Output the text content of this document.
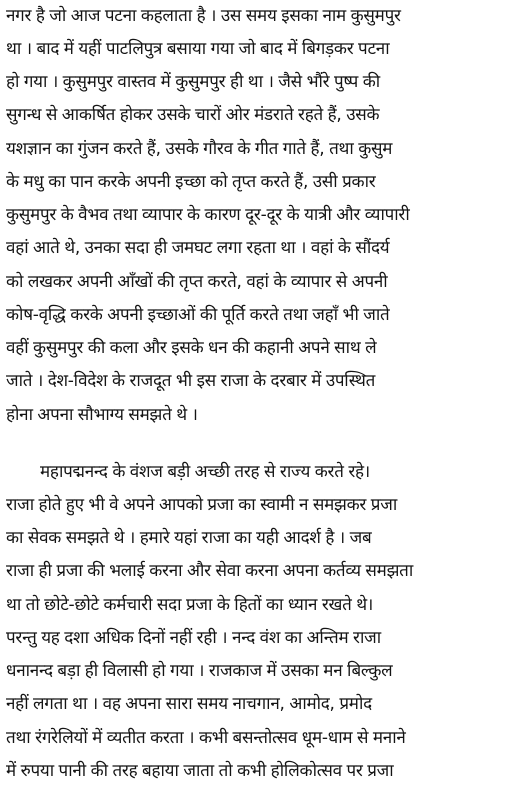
नगर है जो आज पटना कहलाता है । उस समय इसका नाम कुसुमपुर
था । बाद में यहीं पाटलिपुत्र बसाया गया जो बाद में बिगड़कर पटना
हो गया । कुसुमपुर वास्तव में कुसुमपुर ही था । जैसे भौंरे पुष्प की
सुगन्ध से आकर्षित होकर उसके चारों ओर मंडराते रहते हैं, उसके
यशज्ञान का गुंजन करते हैं, उसके गौरव के गीत गाते हैं, तथा कुसुम
के मधु का पान करके अपनी इच्छा को तृप्त करते हैं, उसी प्रकार
कुसुमपुर के वैभव तथा व्यापार के कारण दूर-दूर के यात्री और व्यापारी
वहां आते थे, उनका सदा ही जमघट लगा रहता था । वहां के सौंदर्य
को लखकर अपनी आँखों की तृप्त करते, वहां के व्यापार से अपनी
कोष-वृद्धि करके अपनी इच्छाओं की पूर्ति करते तथा जहाँ भी जाते
वहीं कुसुमपुर की कला और इसके धन की कहानी अपने साथ ले
जाते । देश-विदेश के राजदूत भी इस राजा के दरबार में उपस्थित
होना अपना सौभाग्य समझते थे ।
महापद्मनन्द के वंशज बड़ी अच्छी तरह से राज्य करते रहे।
राजा होते हुए भी वे अपने आपको प्रजा का स्वामी न समझकर प्रजा
का सेवक समझते थे । हमारे यहां राजा का यही आदर्श है । जब
राजा ही प्रजा की भलाई करना और सेवा करना अपना कर्तव्य समझता
था तो छोटे-छोटे कर्मचारी सदा प्रजा के हितों का ध्यान रखते थे।
परन्तु यह दशा अधिक दिनों नहीं रही । नन्द वंश का अन्तिम राजा
धनानन्द बड़ा ही विलासी हो गया । राजकाज में उसका मन बिल्कुल
नहीं लगता था । वह अपना सारा समय नाचगान, आमोद, प्रमोद
तथा रंगरेलियों में व्यतीत करता । कभी बसन्तोत्सव धूम-धाम से मनाने
में रुपया पानी की तरह बहाया जाता तो कभी होलिकोत्सव पर प्रजा
